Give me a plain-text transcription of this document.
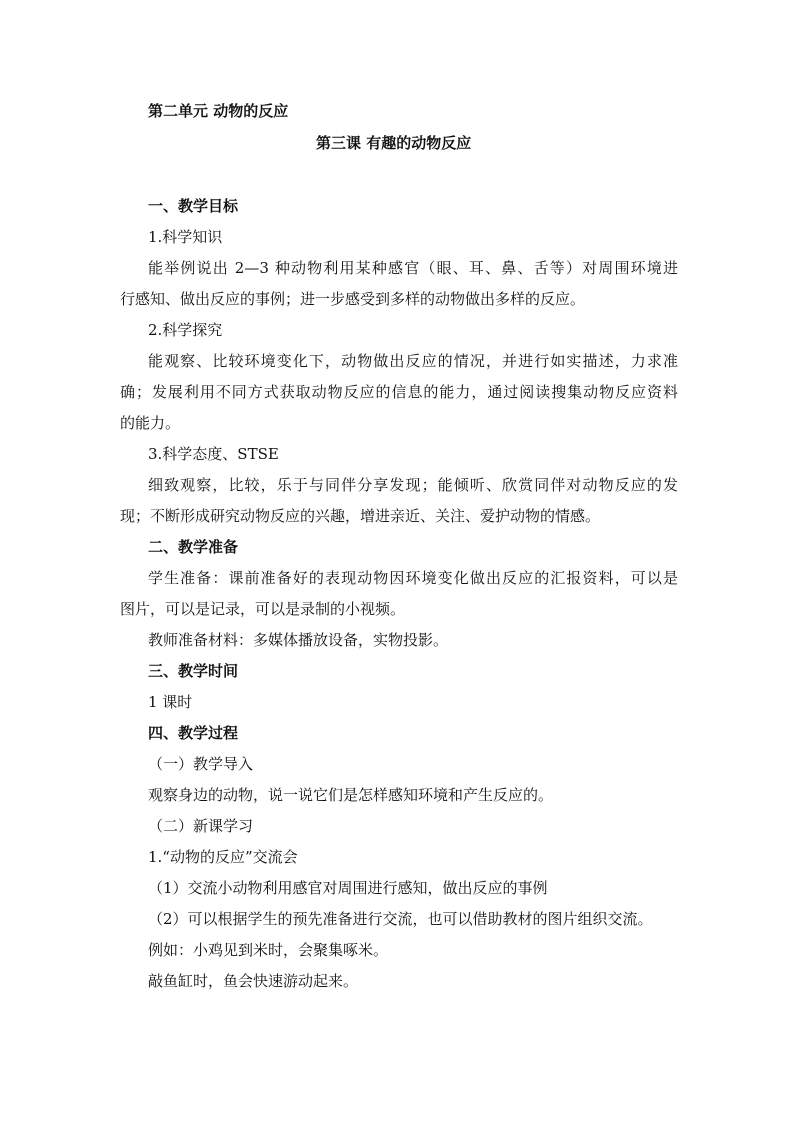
第二单元 动物的反应
第三课 有趣的动物反应
一、教学目标
1.科学知识
能举例说出 2—3 种动物利用某种感官（眼、耳、鼻、舌等）对周围环境进
行感知、做出反应的事例；进一步感受到多样的动物做出多样的反应。
2.科学探究
能观察、比较环境变化下，动物做出反应的情况，并进行如实描述，力求准
确；发展利用不同方式获取动物反应的信息的能力，通过阅读搜集动物反应资料
的能力。
3.科学态度、STSE
细致观察，比较，乐于与同伴分享发现；能倾听、欣赏同伴对动物反应的发
现；不断形成研究动物反应的兴趣，增进亲近、关注、爱护动物的情感。
二、教学准备
学生准备：课前准备好的表现动物因环境变化做出反应的汇报资料，可以是
图片，可以是记录，可以是录制的小视频。
教师准备材料：多媒体播放设备，实物投影。
三、教学时间
1 课时
四、教学过程
（一）教学导入
观察身边的动物，说一说它们是怎样感知环境和产生反应的。
（二）新课学习
1.“动物的反应”交流会
（1）交流小动物利用感官对周围进行感知，做出反应的事例
（2）可以根据学生的预先准备进行交流，也可以借助教材的图片组织交流。
例如：小鸡见到米时，会聚集啄米。
敲鱼缸时，鱼会快速游动起来。
